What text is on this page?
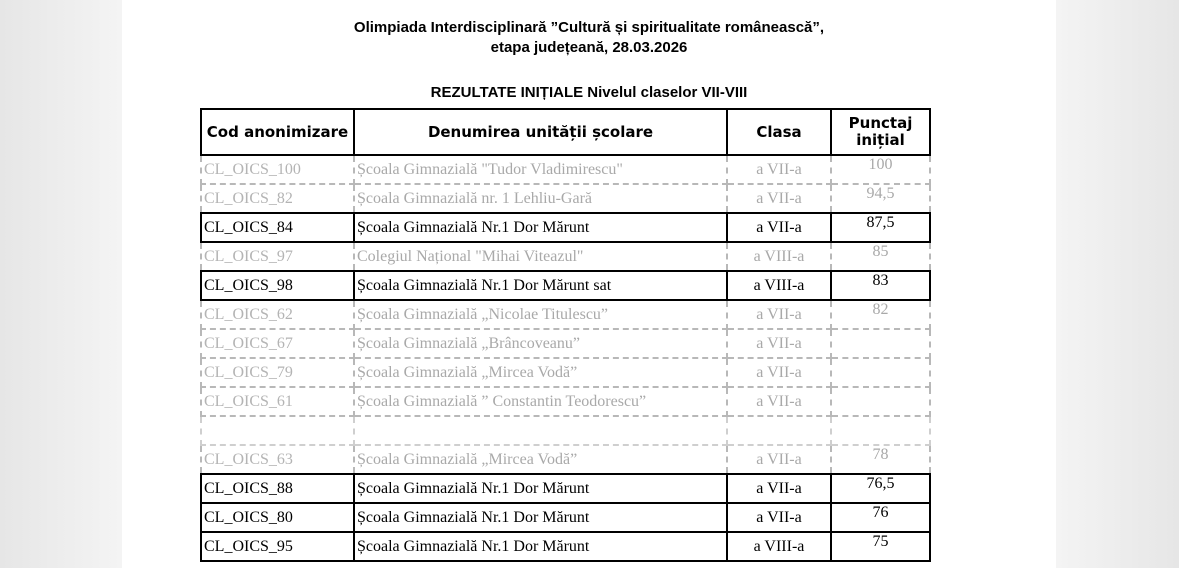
Olimpiada Interdisciplinară ”Cultură și spiritualitate românească”,
etapa județeană, 28.03.2026
REZULTATE INIȚIALE Nivelul claselor VII-VIII
Cod anonimizare	Denumirea unității școlare	Clasa	Punctaj
inițial

CL_OICS_100	Școala Gimnazială "Tudor Vladimirescu"	a VII-a	100
CL_OICS_82	Școala Gimnazială nr. 1 Lehliu-Gară	a VII-a	94,5
CL_OICS_84	Școala Gimnazială Nr.1 Dor Mărunt	a VII-a	87,5
CL_OICS_97	Colegiul Național "Mihai Viteazul"	a VIII-a	85
CL_OICS_98	Școala Gimnazială Nr.1 Dor Mărunt sat	a VIII-a	83
CL_OICS_62	Școala Gimnazială „Nicolae Titulescu”	a VII-a	82
CL_OICS_67	Școala Gimnazială „Brâncoveanu”	a VII-a	
CL_OICS_79	Școala Gimnazială „Mircea Vodă”	a VII-a	
CL_OICS_61	Școala Gimnazială ” Constantin Teodorescu”	a VII-a	

CL_OICS_63	Școala Gimnazială „Mircea Vodă”	a VII-a	78
CL_OICS_88	Școala Gimnazială Nr.1 Dor Mărunt	a VII-a	76,5
CL_OICS_80	Școala Gimnazială Nr.1 Dor Mărunt	a VII-a	76
CL_OICS_95	Școala Gimnazială Nr.1 Dor Mărunt	a VIII-a	75
